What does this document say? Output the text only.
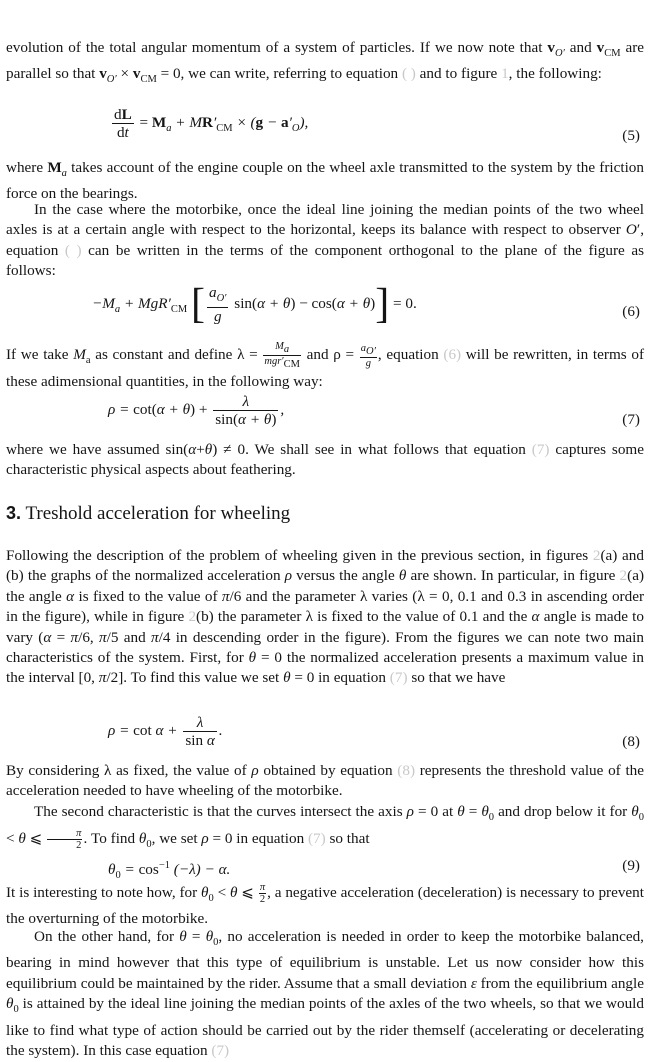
evolution of the total angular momentum of a system of particles. If we now note that $v_{O'}$ and $v_{CM}$ are parallel so that $v_{O'} \times v_{CM} = 0$, we can write, referring to equation ( ) and to figure 1, the following:

$\frac{dL}{dt} = M_a + MR'_{CM} \times (g - a'_O)$,
(5)

where $M_a$ takes account of the engine couple on the wheel axle transmitted to the system by the friction force on the bearings.

In the case where the motorbike, once the ideal line joining the median points of the two wheel axles is at a certain angle with respect to the horizontal, keeps its balance with respect to observer O′, equation ( ) can be written in the terms of the component orthogonal to the plane of the figure as follows:

$-M_a + MgR'_{CM}$ [ $\frac{a_{O'}}{g} \sin(\alpha + \theta) - \cos(\alpha + \theta)] = 0$.	(6)

If we take $M_a$ as constant and define λ =	$M_a$
$mgr'_{CM}$
and $\rho = \frac{a_{O'}}{g}$ , equation (6) will be rewritten, in terms of these adimensional quantities, in the following way:

$\rho = \cot(\alpha + \theta) + \frac{\lambda}{\sin(\alpha + \theta)}$ ,
(7)

where we have assumed sin(α+θ) ≠ 0. We shall see in what follows that equation (7) captures some characteristic physical aspects about feathering.

3. Treshold acceleration for wheeling

Following the description of the problem of wheeling given in the previous section, in figures 2(a) and (b) the graphs of the normalized acceleration ρ versus the angle θ are shown. In particular, in figure 2(a) the angle α is fixed to the value of π/6 and the parameter λ varies (λ = 0, 0.1 and 0.3 in ascending order in the figure), while in figure 2(b) the parameter λ is fixed to the value of 0.1 and the α angle is made to vary (α = π/6, π/5 and π/4 in descending order in the figure). From the figures we can note two main characteristics of the system. First, for θ = 0 the normalized acceleration presents a maximum value in the interval [0, π/2]. To find this value we set θ = 0 in equation (7) so that we have

$\rho = \cot \alpha + \frac{\lambda}{\text{sin α}}$ .
(8)

By considering λ as fixed, the value of ρ obtained by equation (8) represents the threshold value of the acceleration needed to have wheeling of the motorbike.

The second characteristic is that the curves intersect the axis ρ = 0 at $\theta = \theta_0$ and drop below it for $\theta_0 < \theta$ ⩽ $\frac{\pi}{2}$ . To find $\theta_0$, we set ρ = 0 in equation (7) so that

$\theta_0 = \cos^{-1} (-\lambda) - \alpha$.	(9)

It is interesting to note how, for $\theta_0 < \theta$ ⩽ $\frac{\pi}{2}$ , a negative acceleration (deceleration) is necessary to prevent the overturning of the motorbike.

On the other hand, for $\theta = \theta_0$, no acceleration is needed in order to keep the motorbike balanced, bearing in mind however that this type of equilibrium is unstable. Let us now consider how this equilibrium could be maintained by the rider. Assume that a small deviation ε from the equilibrium angle $\theta_0$ is attained by the ideal line joining the median points of the axles of the two wheels, so that we would like to find what type of action should be carried out by the rider themself (accelerating or decelerating the system). In this case equation (7)
